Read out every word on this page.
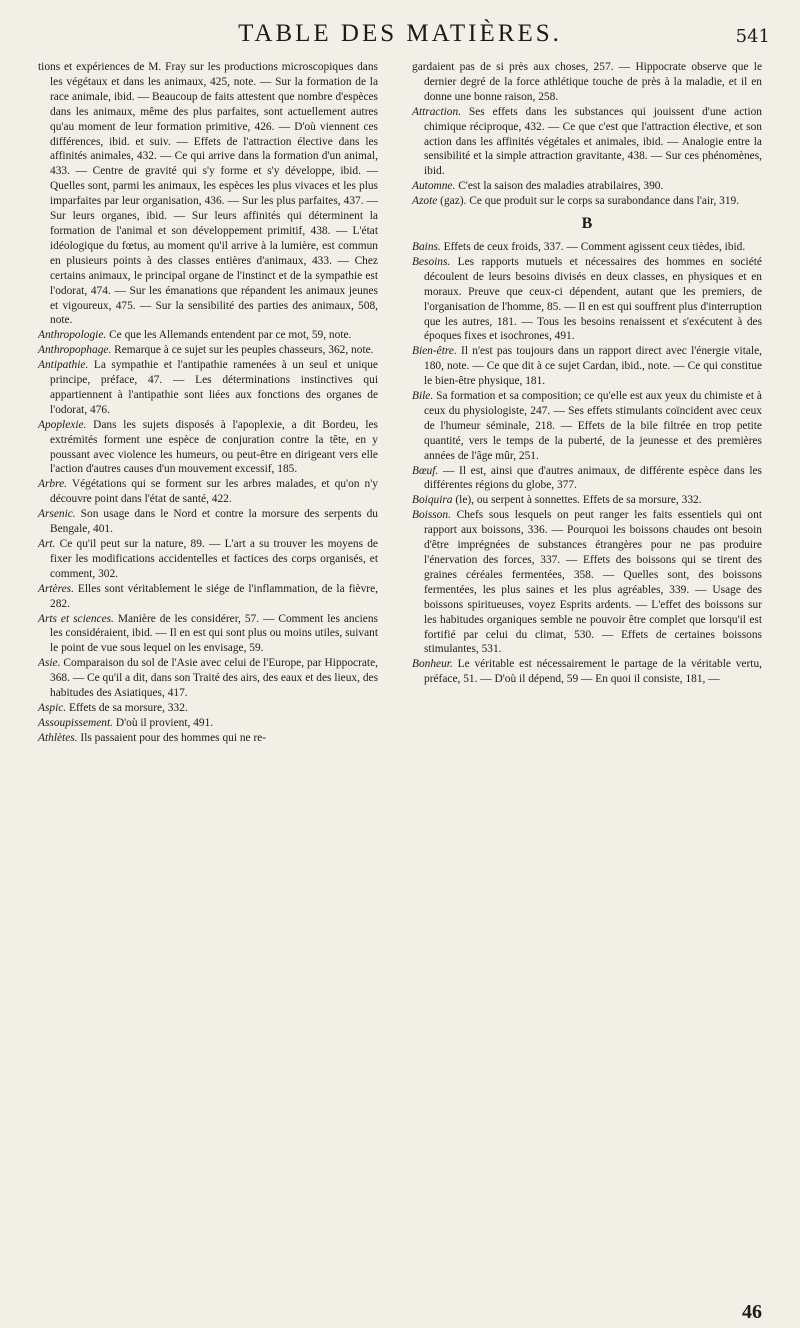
TABLE DES MATIÈRES.	541
tions et expériences de M. Fray sur les productions microscopiques dans les végétaux et dans les animaux, 425, note. — Sur la formation de la race animale, ibid. — Beaucoup de faits attestent que nombre d'espèces dans les animaux, même des plus parfaites, sont actuellement autres qu'au moment de leur formation primitive, 426. — D'où viennent ces différences, ibid. et suiv. — Effets de l'attraction élective dans les affinités animales, 432. — Ce qui arrive dans la formation d'un animal, 433. — Centre de gravité qui s'y forme et s'y développe, ibid. — Quelles sont, parmi les animaux, les espèces les plus vivaces et les plus imparfaites par leur organisation, 436. — Sur les plus parfaites, 437. — Sur leurs organes, ibid. — Sur leurs affinités qui déterminent la formation de l'animal et son développement primitif, 438. — L'état idéologique du fœtus, au moment qu'il arrive à la lumière, est commun en plusieurs points à des classes entières d'animaux, 433. — Chez certains animaux, le principal organe de l'instinct et de la sympathie est l'odorat, 474. — Sur les émanations que répandent les animaux jeunes et vigoureux, 475. — Sur la sensibilité des parties des animaux, 508, note.
Anthropologie. Ce que les Allemands entendent par ce mot, 59, note.
Anthropophage. Remarque à ce sujet sur les peuples chasseurs, 362, note.
Antipathie. La sympathie et l'antipathie ramenées à un seul et unique principe, préface, 47. — Les déterminations instinctives qui appartiennent à l'antipathie sont liées aux fonctions des organes de l'odorat, 476.
Apoplexie. Dans les sujets disposés à l'apoplexie, a dit Bordeu, les extrémités forment une espèce de conjuration contre la tête, en y poussant avec violence les humeurs, ou peut-être en dirigeant vers elle l'action d'autres causes d'un mouvement excessif, 185.
Arbre. Végétations qui se forment sur les arbres malades, et qu'on n'y découvre point dans l'état de santé, 422.
Arsenic. Son usage dans le Nord et contre la morsure des serpents du Bengale, 401.
Art. Ce qu'il peut sur la nature, 89. — L'art a su trouver les moyens de fixer les modifications accidentelles et factices des corps organisés, et comment, 302.
Artères. Elles sont véritablement le siége de l'inflammation, de la fièvre, 282.
Arts et sciences. Manière de les considérer, 57. — Comment les anciens les considéraient, ibid. — Il en est qui sont plus ou moins utiles, suivant le point de vue sous lequel on les envisage, 59.
Asie. Comparaison du sol de l'Asie avec celui de l'Europe, par Hippocrate, 368. — Ce qu'il a dit, dans son Traité des airs, des eaux et des lieux, des habitudes des Asiatiques, 417.
Aspic. Effets de sa morsure, 332.
Assoupissement. D'où il provient, 491.
Athlètes. Ils passaient pour des hommes qui ne re-
gardaient pas de si près aux choses, 257. — Hippocrate observe que le dernier degré de la force athlétique touche de près à la maladie, et il en donne une bonne raison, 258.
Attraction. Ses effets dans les substances qui jouissent d'une action chimique réciproque, 432. — Ce que c'est que l'attraction élective, et son action dans les affinités végétales et animales, ibid. — Analogie entre la sensibilité et la simple attraction gravitante, 438. — Sur ces phénomènes, ibid.
Automne. C'est la saison des maladies atrabilaires, 390.
Azote (gaz). Ce que produit sur le corps sa surabondance dans l'air, 319.
B
Bains. Effets de ceux froids, 337. — Comment agissent ceux tièdes, ibid.
Besoins. Les rapports mutuels et nécessaires des hommes en société découlent de leurs besoins divisés en deux classes, en physiques et en moraux. Preuve que ceux-ci dépendent, autant que les premiers, de l'organisation de l'homme, 85. — Il en est qui souffrent plus d'interruption que les autres, 181. — Tous les besoins renaissent et s'exécutent à des époques fixes et isochrones, 491.
Bien-être. Il n'est pas toujours dans un rapport direct avec l'énergie vitale, 180, note. — Ce que dit à ce sujet Cardan, ibid., note. — Ce qui constitue le bien-être physique, 181.
Bile. Sa formation et sa composition; ce qu'elle est aux yeux du chimiste et à ceux du physiologiste, 247. — Ses effets stimulants coïncident avec ceux de l'humeur séminale, 218. — Effets de la bile filtrée en trop petite quantité, vers le temps de la puberté, de la jeunesse et des premières années de l'âge mûr, 251.
Bœuf. — Il est, ainsi que d'autres animaux, de différente espèce dans les différentes régions du globe, 377.
Boiquira (le), ou serpent à sonnettes. Effets de sa morsure, 332.
Boisson. Chefs sous lesquels on peut ranger les faits essentiels qui ont rapport aux boissons, 336. — Pourquoi les boissons chaudes ont besoin d'être imprégnées de substances étrangères pour ne pas produire l'énervation des forces, 337. — Effets des boissons qui se tirent des graines céréales fermentées, 358. — Quelles sont, des boissons fermentées, les plus saines et les plus agréables, 339. — Usage des boissons spiritueuses, voyez Esprits ardents. — L'effet des boissons sur les habitudes organiques semble ne pouvoir être complet que lorsqu'il est fortifié par celui du climat, 530. — Effets de certaines boissons stimulantes, 531.
Bonheur. Le véritable est nécessairement le partage de la véritable vertu, préface, 51. — D'où il dépend, 59 — En quoi il consiste, 181, —
46
